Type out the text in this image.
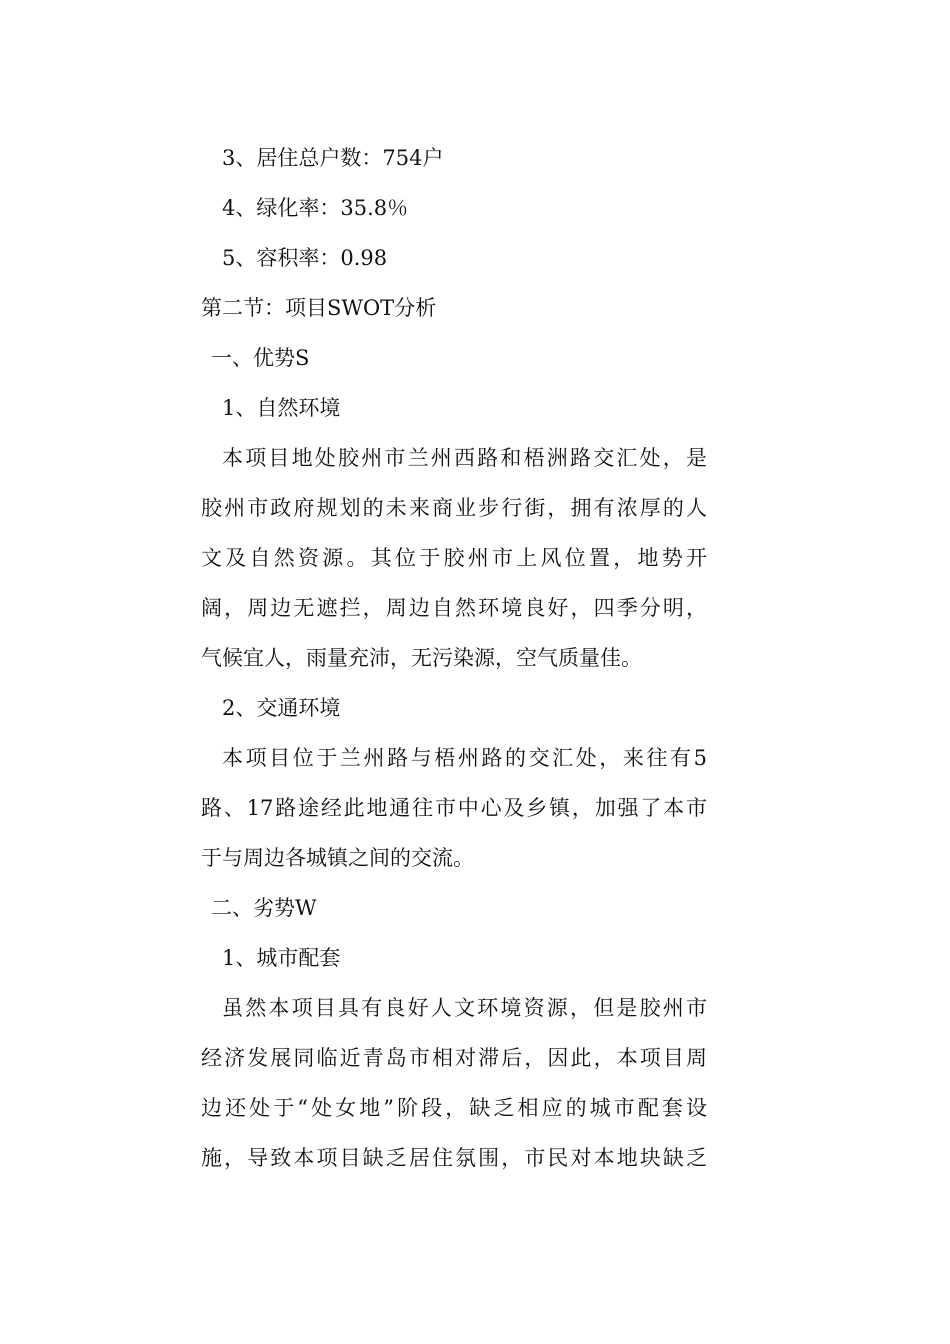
3、居住总户数：754户
4、绿化率：35.8％
5、容积率：0.98
第二节：项目SWOT分析
一、优势S
1、自然环境
本项目地处胶州市兰州西路和梧洲路交汇处，是
胶州市政府规划的未来商业步行街，拥有浓厚的人
文及自然资源。其位于胶州市上风位置，地势开
阔，周边无遮拦，周边自然环境良好，四季分明，
气候宜人，雨量充沛，无污染源，空气质量佳。
2、交通环境
本项目位于兰州路与梧州路的交汇处，来往有5
路、17路途经此地通往市中心及乡镇，加强了本市
于与周边各城镇之间的交流。
二、劣势W
1、城市配套
虽然本项目具有良好人文环境资源，但是胶州市
经济发展同临近青岛市相对滞后，因此，本项目周
边还处于“处女地”阶段，缺乏相应的城市配套设
施，导致本项目缺乏居住氛围，市民对本地块缺乏
